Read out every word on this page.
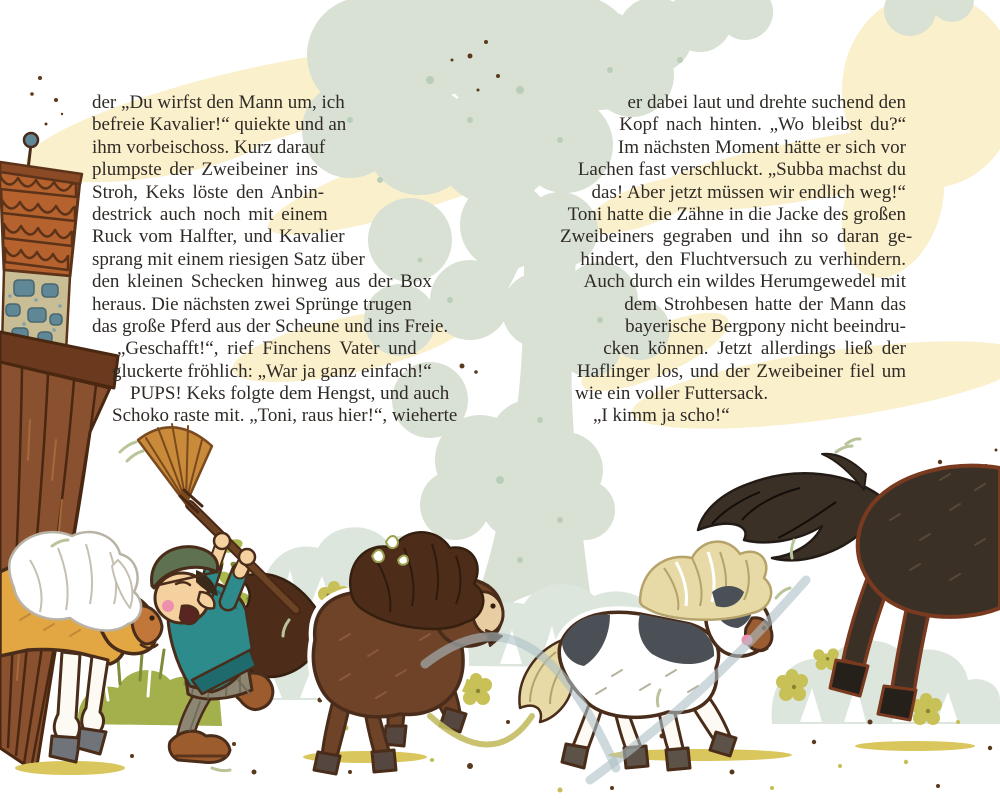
der „Du wirfst den Mann um, ich
befreie Kavalier!“ quiekte und an
ihm vorbeischoss. Kurz darauf
plumpste der Zweibeiner ins
Stroh, Keks löste den Anbin-
destrick auch noch mit einem
Ruck vom Halfter, und Kavalier
sprang mit einem riesigen Satz über
den kleinen Schecken hinweg aus der Box
heraus. Die nächsten zwei Sprünge trugen
das große Pferd aus der Scheune und ins Freie.
„Geschafft!“, rief Finchens Vater und
gluckerte fröhlich: „War ja ganz einfach!“
PUPS! Keks folgte dem Hengst, und auch
Schoko raste mit. „Toni, raus hier!“, wieherte
er dabei laut und drehte suchend den
Kopf nach hinten. „Wo bleibst du?“
Im nächsten Moment hätte er sich vor
Lachen fast verschluckt. „Subba machst du
das! Aber jetzt müssen wir endlich weg!“
Toni hatte die Zähne in die Jacke des großen
Zweibeiners gegraben und ihn so daran ge-
hindert, den Fluchtversuch zu verhindern.
Auch durch ein wildes Herumgewedel mit
dem Strohbesen hatte der Mann das
bayerische Bergpony nicht beeindru-
cken können. Jetzt allerdings ließ der
Haflinger los, und der Zweibeiner fiel um
wie ein voller Futtersack.
„I kimm ja scho!“
